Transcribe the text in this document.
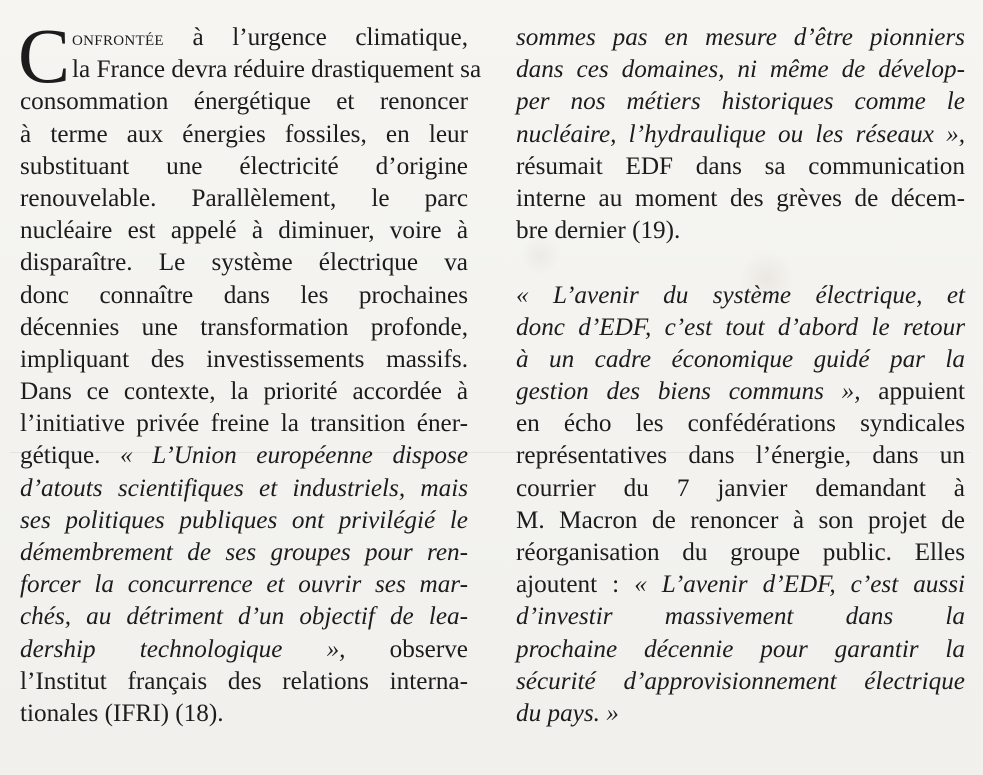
C onfrontée à l’urgence climatique,
la France devra réduire drastiquement sa
consommation énergétique et renoncer
à terme aux énergies fossiles, en leur
substituant une électricité d’origine
renouvelable. Parallèlement, le parc
nucléaire est appelé à diminuer, voire à
disparaître. Le système électrique va
donc connaître dans les prochaines
décennies une transformation profonde,
impliquant des investissements massifs.
Dans ce contexte, la priorité accordée à
l’initiative privée freine la transition éner-
gétique. « L’Union européenne dispose
d’atouts scientifiques et industriels, mais
ses politiques publiques ont privilégié le
démembrement de ses groupes pour ren-
forcer la concurrence et ouvrir ses mar-
chés, au détriment d’un objectif de lea-
dership technologique », observe
l’Institut français des relations interna-
tionales (IFRI) (18).
sommes pas en mesure d’être pionniers
dans ces domaines, ni même de dévelop-
per nos métiers historiques comme le
nucléaire, l’hydraulique ou les réseaux »,
résumait EDF dans sa communication
interne au moment des grèves de décem-
bre dernier (19).
« L’avenir du système électrique, et
donc d’EDF, c’est tout d’abord le retour
à un cadre économique guidé par la
gestion des biens communs », appuient
en écho les confédérations syndicales
représentatives dans l’énergie, dans un
courrier du 7 janvier demandant à
M. Macron de renoncer à son projet de
réorganisation du groupe public. Elles
ajoutent : « L’avenir d’EDF, c’est aussi
d’investir massivement dans la
prochaine décennie pour garantir la
sécurité d’approvisionnement électrique
du pays. »
